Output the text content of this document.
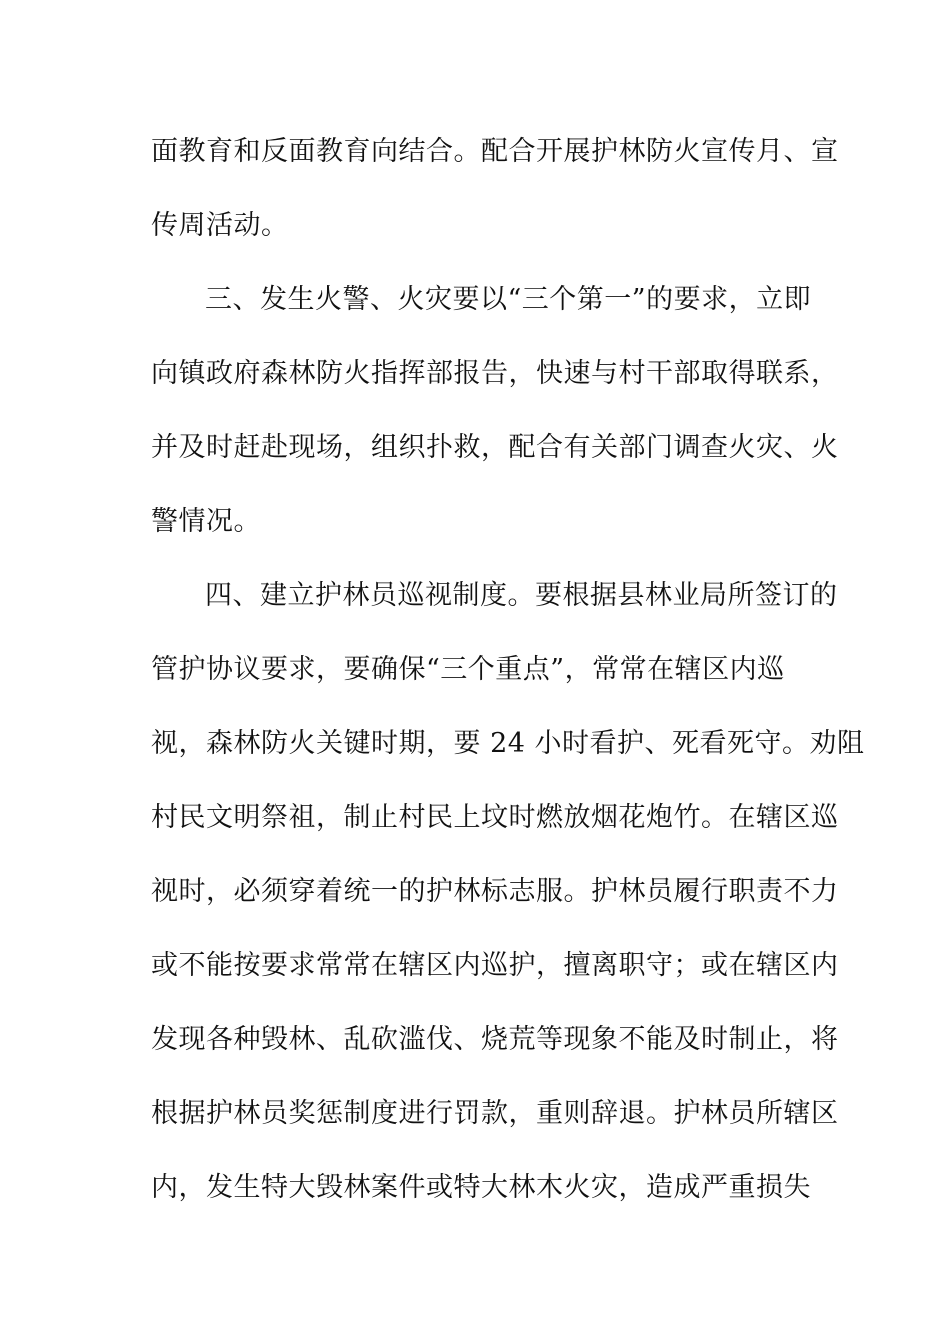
面教育和反面教育向结合。配合开展护林防火宣传月、宣
传周活动。
三、发生火警、火灾要以“三个第一”的要求，立即
向镇政府森林防火指挥部报告，快速与村干部取得联系，
并及时赶赴现场，组织扑救，配合有关部门调查火灾、火
警情况。
四、建立护林员巡视制度。要根据县林业局所签订的
管护协议要求，要确保“三个重点”，常常在辖区内巡
视，森林防火关键时期，要 24 小时看护、死看死守。劝阻
村民文明祭祖，制止村民上坟时燃放烟花炮竹。在辖区巡
视时，必须穿着统一的护林标志服。护林员履行职责不力
或不能按要求常常在辖区内巡护，擅离职守；或在辖区内
发现各种毁林、乱砍滥伐、烧荒等现象不能及时制止，将
根据护林员奖惩制度进行罚款，重则辞退。护林员所辖区
内，发生特大毁林案件或特大林木火灾，造成严重损失
